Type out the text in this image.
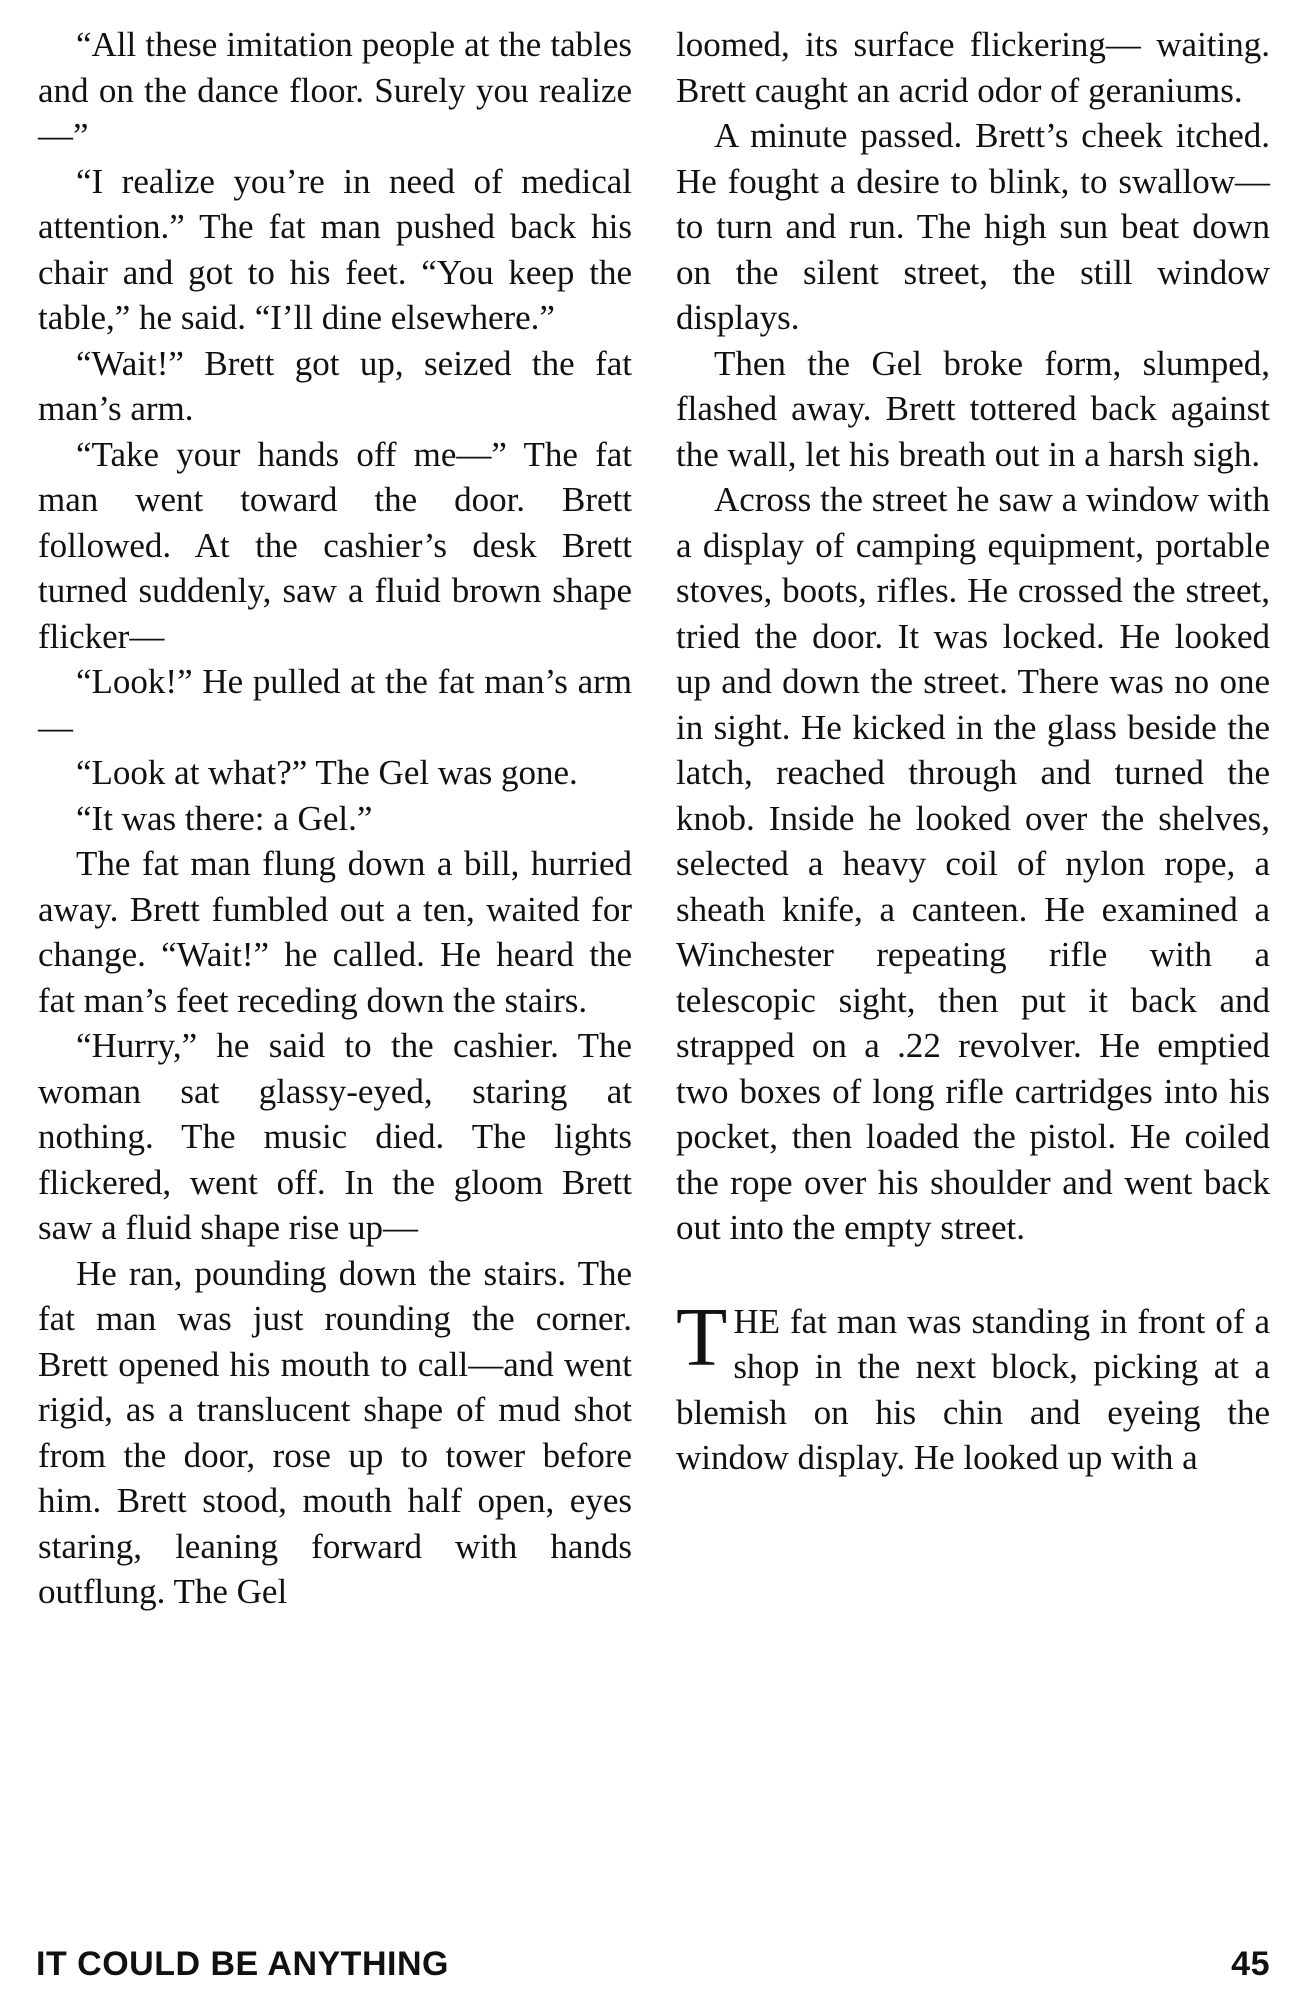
“All these imitation people at the tables and on the dance floor. Surely you realize—”

“I realize you’re in need of medical attention.” The fat man pushed back his chair and got to his feet. “You keep the table,” he said. “I’ll dine elsewhere.”

“Wait!” Brett got up, seized the fat man’s arm.

“Take your hands off me—” The fat man went toward the door. Brett followed. At the cashier’s desk Brett turned suddenly, saw a fluid brown shape flicker—

“Look!” He pulled at the fat man’s arm—

“Look at what?” The Gel was gone.

“It was there: a Gel.”

The fat man flung down a bill, hurried away. Brett fumbled out a ten, waited for change. “Wait!” he called. He heard the fat man’s feet receding down the stairs.

“Hurry,” he said to the cashier. The woman sat glassy-eyed, staring at nothing. The music died. The lights flickered, went off. In the gloom Brett saw a fluid shape rise up—

He ran, pounding down the stairs. The fat man was just rounding the corner. Brett opened his mouth to call—and went rigid, as a translucent shape of mud shot from the door, rose up to tower before him. Brett stood, mouth half open, eyes staring, leaning forward with hands outflung. The Gel

loomed, its surface flickering— waiting. Brett caught an acrid odor of geraniums.

A minute passed. Brett’s cheek itched. He fought a desire to blink, to swallow—to turn and run. The high sun beat down on the silent street, the still window displays.

Then the Gel broke form, slumped, flashed away. Brett tottered back against the wall, let his breath out in a harsh sigh.

Across the street he saw a window with a display of camping equipment, portable stoves, boots, rifles. He crossed the street, tried the door. It was locked. He looked up and down the street. There was no one in sight. He kicked in the glass beside the latch, reached through and turned the knob. Inside he looked over the shelves, selected a heavy coil of nylon rope, a sheath knife, a canteen. He examined a Winchester repeating rifle with a telescopic sight, then put it back and strapped on a .22 revolver. He emptied two boxes of long rifle cartridges into his pocket, then loaded the pistol. He coiled the rope over his shoulder and went back out into the empty street.

THE fat man was standing in front of a shop in the next block, picking at a blemish on his chin and eyeing the window display. He looked up with a

IT COULD BE ANYTHING	45
